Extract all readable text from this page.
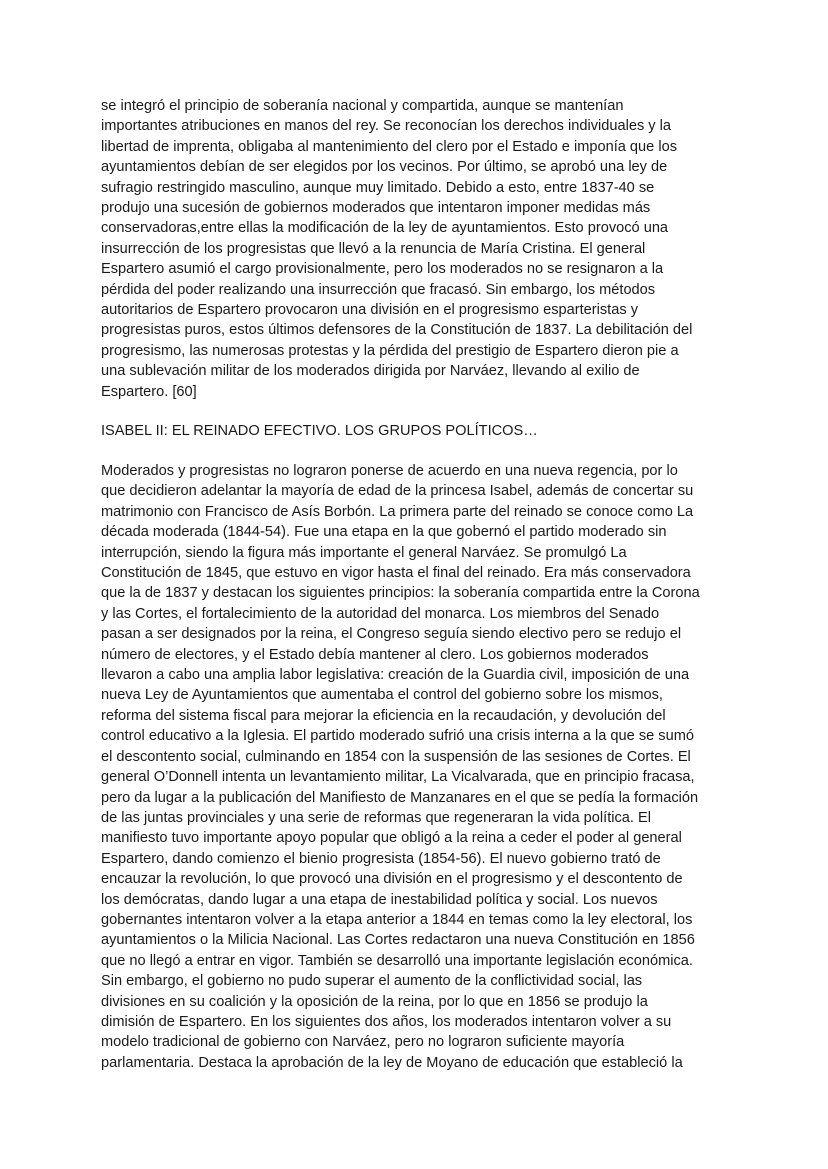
se integró el principio de soberanía nacional y compartida, aunque se mantenían
importantes atribuciones en manos del rey. Se reconocían los derechos individuales y la
libertad de imprenta, obligaba al mantenimiento del clero por el Estado e imponía que los
ayuntamientos debían de ser elegidos por los vecinos. Por último, se aprobó una ley de
sufragio restringido masculino, aunque muy limitado. Debido a esto, entre 1837-40 se
produjo una sucesión de gobiernos moderados que intentaron imponer medidas más
conservadoras,entre ellas la modificación de la ley de ayuntamientos. Esto provocó una
insurrección de los progresistas que llevó a la renuncia de María Cristina. El general
Espartero asumió el cargo provisionalmente, pero los moderados no se resignaron a la
pérdida del poder realizando una insurrección que fracasó. Sin embargo, los métodos
autoritarios de Espartero provocaron una división en el progresismo esparteristas y
progresistas puros, estos últimos defensores de la Constitución de 1837. La debilitación del
progresismo, las numerosas protestas y la pérdida del prestigio de Espartero dieron pie a
una sublevación militar de los moderados dirigida por Narváez, llevando al exilio de
Espartero. [60]

ISABEL II: EL REINADO EFECTIVO. LOS GRUPOS POLÍTICOS…

Moderados y progresistas no lograron ponerse de acuerdo en una nueva regencia, por lo
que decidieron adelantar la mayoría de edad de la princesa Isabel, además de concertar su
matrimonio con Francisco de Asís Borbón. La primera parte del reinado se conoce como La
década moderada (1844-54). Fue una etapa en la que gobernó el partido moderado sin
interrupción, siendo la figura más importante el general Narváez. Se promulgó La
Constitución de 1845, que estuvo en vigor hasta el final del reinado. Era más conservadora
que la de 1837 y destacan los siguientes principios: la soberanía compartida entre la Corona
y las Cortes, el fortalecimiento de la autoridad del monarca. Los miembros del Senado
pasan a ser designados por la reina, el Congreso seguía siendo electivo pero se redujo el
número de electores, y el Estado debía mantener al clero. Los gobiernos moderados
llevaron a cabo una amplia labor legislativa: creación de la Guardia civil, imposición de una
nueva Ley de Ayuntamientos que aumentaba el control del gobierno sobre los mismos,
reforma del sistema fiscal para mejorar la eficiencia en la recaudación, y devolución del
control educativo a la Iglesia. El partido moderado sufrió una crisis interna a la que se sumó
el descontento social, culminando en 1854 con la suspensión de las sesiones de Cortes. El
general O’Donnell intenta un levantamiento militar, La Vicalvarada, que en principio fracasa,
pero da lugar a la publicación del Manifiesto de Manzanares en el que se pedía la formación
de las juntas provinciales y una serie de reformas que regeneraran la vida política. El
manifiesto tuvo importante apoyo popular que obligó a la reina a ceder el poder al general
Espartero, dando comienzo el bienio progresista (1854-56). El nuevo gobierno trató de
encauzar la revolución, lo que provocó una división en el progresismo y el descontento de
los demócratas, dando lugar a una etapa de inestabilidad política y social. Los nuevos
gobernantes intentaron volver a la etapa anterior a 1844 en temas como la ley electoral, los
ayuntamientos o la Milicia Nacional. Las Cortes redactaron una nueva Constitución en 1856
que no llegó a entrar en vigor. También se desarrolló una importante legislación económica.
Sin embargo, el gobierno no pudo superar el aumento de la conflictividad social, las
divisiones en su coalición y la oposición de la reina, por lo que en 1856 se produjo la
dimisión de Espartero. En los siguientes dos años, los moderados intentaron volver a su
modelo tradicional de gobierno con Narváez, pero no lograron suficiente mayoría
parlamentaria. Destaca la aprobación de la ley de Moyano de educación que estableció la
